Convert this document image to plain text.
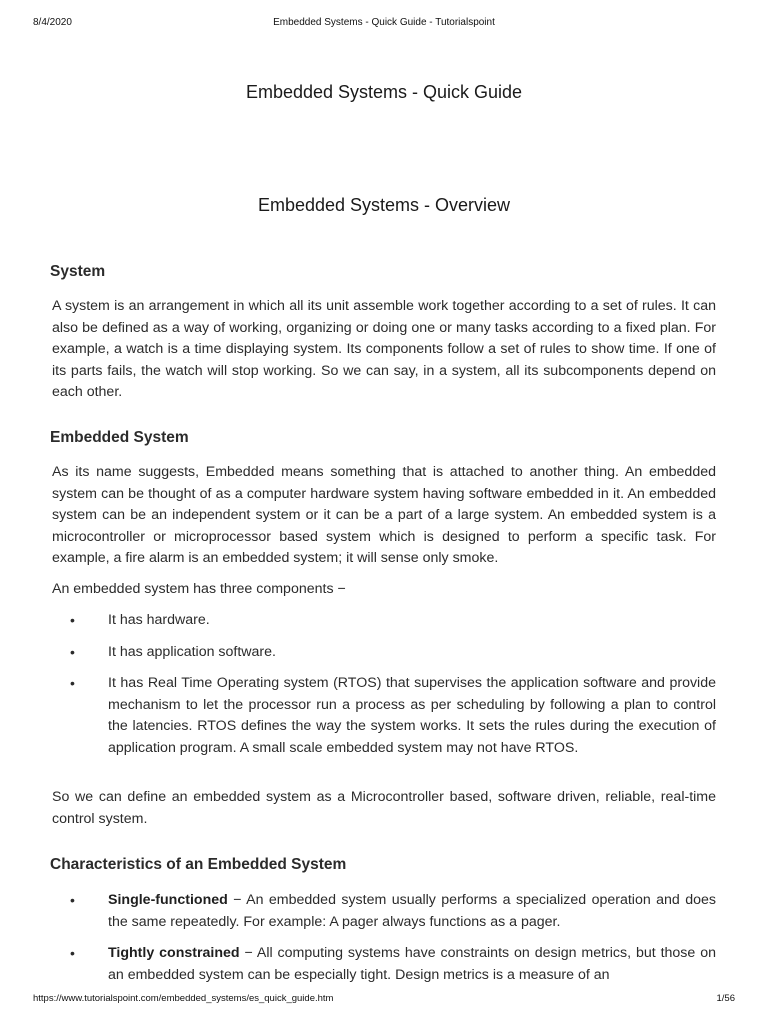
8/4/2020	Embedded Systems - Quick Guide - Tutorialspoint
Embedded Systems - Quick Guide
Embedded Systems - Overview
System

A system is an arrangement in which all its unit assemble work together according to a set of rules. It can also be defined as a way of working, organizing or doing one or many tasks according to a fixed plan. For example, a watch is a time displaying system. Its components follow a set of rules to show time. If one of its parts fails, the watch will stop working. So we can say, in a system, all its subcomponents depend on each other.

Embedded System

As its name suggests, Embedded means something that is attached to another thing. An embedded system can be thought of as a computer hardware system having software embedded in it. An embedded system can be an independent system or it can be a part of a large system. An embedded system is a microcontroller or microprocessor based system which is designed to perform a specific task. For example, a fire alarm is an embedded system; it will sense only smoke.

An embedded system has three components −

• It has hardware.
• It has application software.
• It has Real Time Operating system (RTOS) that supervises the application software and provide mechanism to let the processor run a process as per scheduling by following a plan to control the latencies. RTOS defines the way the system works. It sets the rules during the execution of application program. A small scale embedded system may not have RTOS.

So we can define an embedded system as a Microcontroller based, software driven, reliable, real-time control system.

Characteristics of an Embedded System
• Single-functioned − An embedded system usually performs a specialized operation and does the same repeatedly. For example: A pager always functions as a pager.
• Tightly constrained − All computing systems have constraints on design metrics, but those on an embedded system can be especially tight. Design metrics is a measure of an
https://www.tutorialspoint.com/embedded_systems/es_quick_guide.htm	1/56
